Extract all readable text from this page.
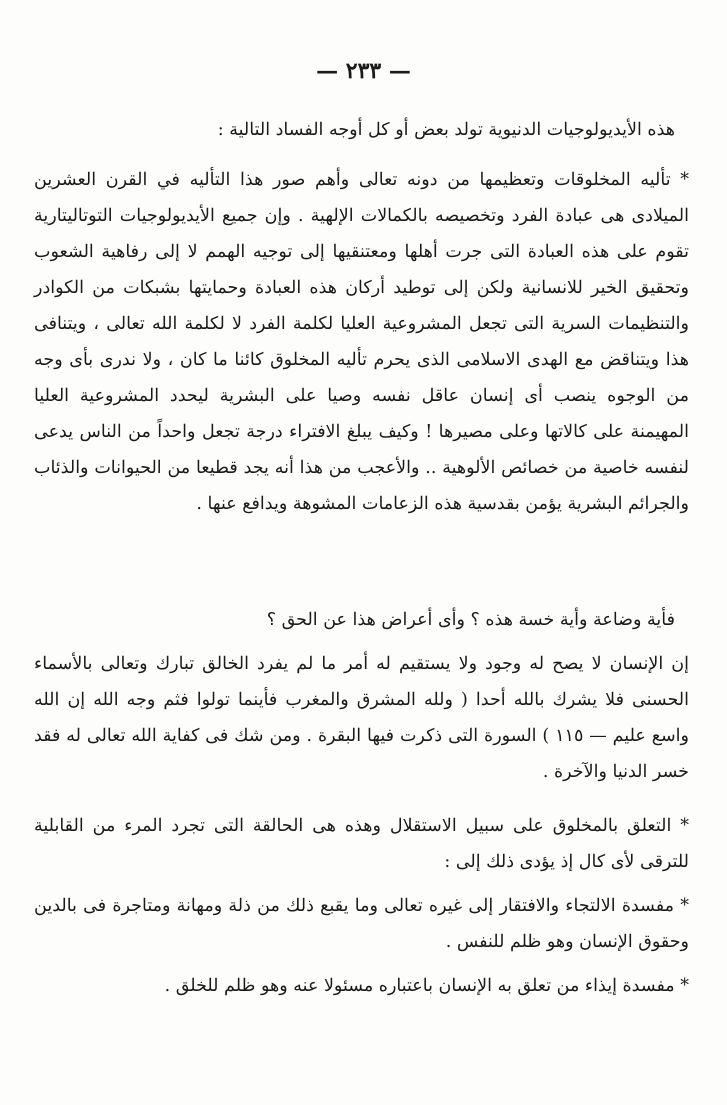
— ٢٣٣ —

هذه الأيديولوجيات الدنيوية تولد بعض أو كل أوجه الفساد التالية :

* تأليه المخلوقات وتعظيمها من دونه تعالى وأهم صور هذا التأليه في القرن العشرين الميلادى هى عبادة الفرد وتخصيصه بالكمالات الإلهية . وإن جميع الأيديولوجيات التوتاليتارية تقوم على هذه العبادة التى جرت أهلها ومعتنقيها إلى توجيه الهمم لا إلى رفاهية الشعوب وتحقيق الخير للانسانية ولكن إلى توطيد أركان هذه العبادة وحمايتها بشبكات من الكوادر والتنظيمات السرية التى تجعل المشروعية العليا لكلمة الفرد لا لكلمة الله تعالى ، ويتنافى هذا ويتناقض مع الهدى الاسلامى الذى يحرم تأليه المخلوق كائنا ما كان ، ولا ندرى بأى وجه من الوجوه ينصب أى إنسان عاقل نفسه وصيا على البشرية ليحدد المشروعية العليا المهيمنة على كالاتها وعلى مصيرها ! وكيف يبلغ الافتراء درجة تجعل واحداً من الناس يدعى لنفسه خاصية من خصائص الألوهية .. والأعجب من هذا أنه يجد قطيعا من الحيوانات والذئاب والجرائم البشرية يؤمن بقدسية هذه الزعامات المشوهة ويدافع عنها .

فأية وضاعة وأية خسة هذه ؟ وأى أعراض هذا عن الحق ؟

إن الإنسان لا يصح له وجود ولا يستقيم له أمر ما لم يفرد الخالق تبارك وتعالى بالأسماء الحسنى فلا يشرك بالله أحدا ( ولله المشرق والمغرب فأينما تولوا فثم وجه الله إن الله واسع عليم — ١١٥ ) السورة التى ذكرت فيها البقرة . ومن شك فى كفاية الله تعالى له فقد خسر الدنيا والآخرة .

* التعلق بالمخلوق على سبيل الاستقلال وهذه هى الحالقة التى تجرد المرء من القابلية للترقى لأى كال إذ يؤدى ذلك إلى :

* مفسدة الالتجاء والافتقار إلى غيره تعالى وما يقبع ذلك من ذلة ومهانة ومتاجرة فى بالدين وحقوق الإنسان وهو ظلم للنفس .

* مفسدة إيذاء من تعلق به الإنسان باعتباره مسئولا عنه وهو ظلم للخلق .
